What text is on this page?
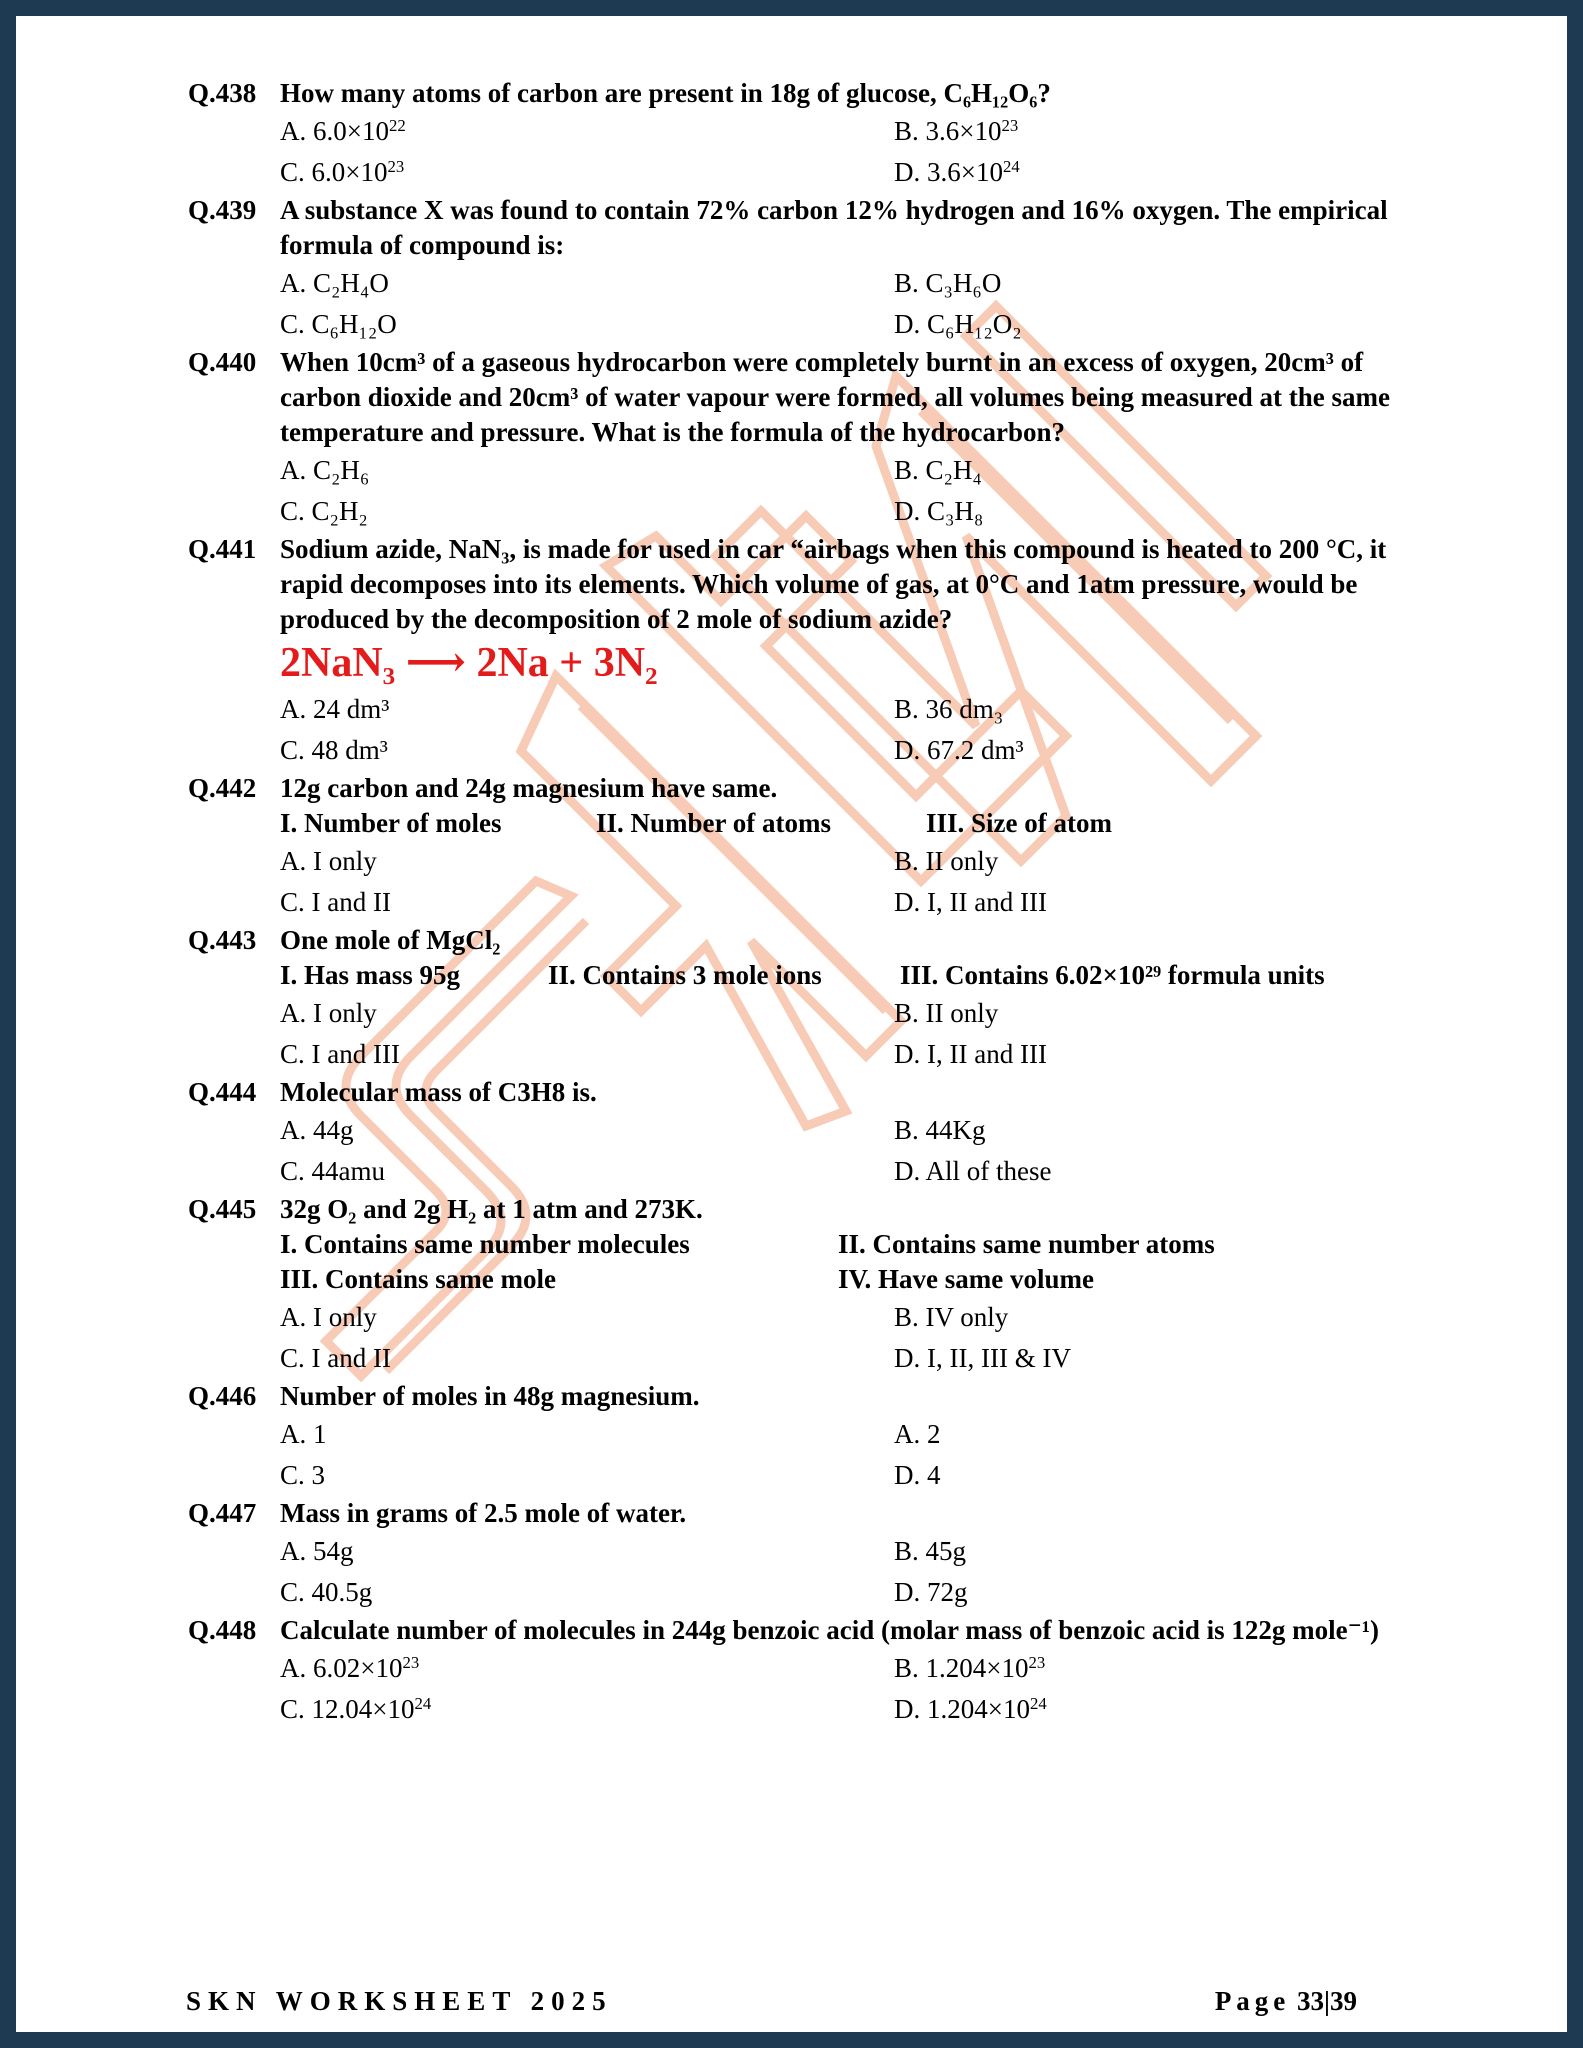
Q.438 How many atoms of carbon are present in 18g of glucose, C₆H₁₂O₆?
A. $6.0\times 10^{22}$	B. $3.6\times 10^{23}$
C. $6.0\times 10^{23}$	D. $3.6\times 10^{24}$
Q.439 A substance X was found to contain 72% carbon 12% hydrogen and 16% oxygen. The empirical formula of compound is:
A. C₂H₄O	B. C₃H₆O
C. C₆H₁₂O	D. C₆H₁₂O₂
Q.440 When 10cm³ of a gaseous hydrocarbon were completely burnt in an excess of oxygen, 20cm³ of carbon dioxide and 20cm³ of water vapour were formed, all volumes being measured at the same temperature and pressure. What is the formula of the hydrocarbon?
A. C₂H₆	B. C₂H₄
C. C₂H₂	D. C₃H₈
Q.441 Sodium azide, NaN₃, is made for used in car “airbags when this compound is heated to 200 °C, it rapid decomposes into its elements. Which volume of gas, at 0°C and 1atm pressure, would be produced by the decomposition of 2 mole of sodium azide?
2NaN₃ ⟶ 2Na + 3N₂
A. 24 dm³	B. 36 dm₃
C. 48 dm³	D. 67.2 dm³
Q.442 12g carbon and 24g magnesium have same.
I. Number of moles	II. Number of atoms	III. Size of atom
A. I only	B. II only
C. I and II	D. I, II and III
Q.443 One mole of MgCl₂
I. Has mass 95g	II. Contains 3 mole ions	III. Contains 6.02×10²⁹ formula units
A. I only	B. II only
C. I and III	D. I, II and III
Q.444 Molecular mass of C3H8 is.
A. 44g	B. 44Kg
C. 44amu	D. All of these
Q.445 32g O₂ and 2g H₂ at 1 atm and 273K.
I. Contains same number molecules	II. Contains same number atoms
III. Contains same mole	IV. Have same volume
A. I only	B. IV only
C. I and II	D. I, II, III & IV
Q.446 Number of moles in 48g magnesium.
A. 1	A. 2
C. 3	D. 4
Q.447 Mass in grams of 2.5 mole of water.
A. 54g	B. 45g
C. 40.5g	D. 72g
Q.448 Calculate number of molecules in 244g benzoic acid (molar mass of benzoic acid is 122g mole⁻¹)
A. $6.02\times 10^{23}$	B. $1.204\times 10^{23}$
C. $12.04\times 10^{24}$	D. $1.204\times 10^{24}$
SKN WORKSHEET 2025	Page 33|39
